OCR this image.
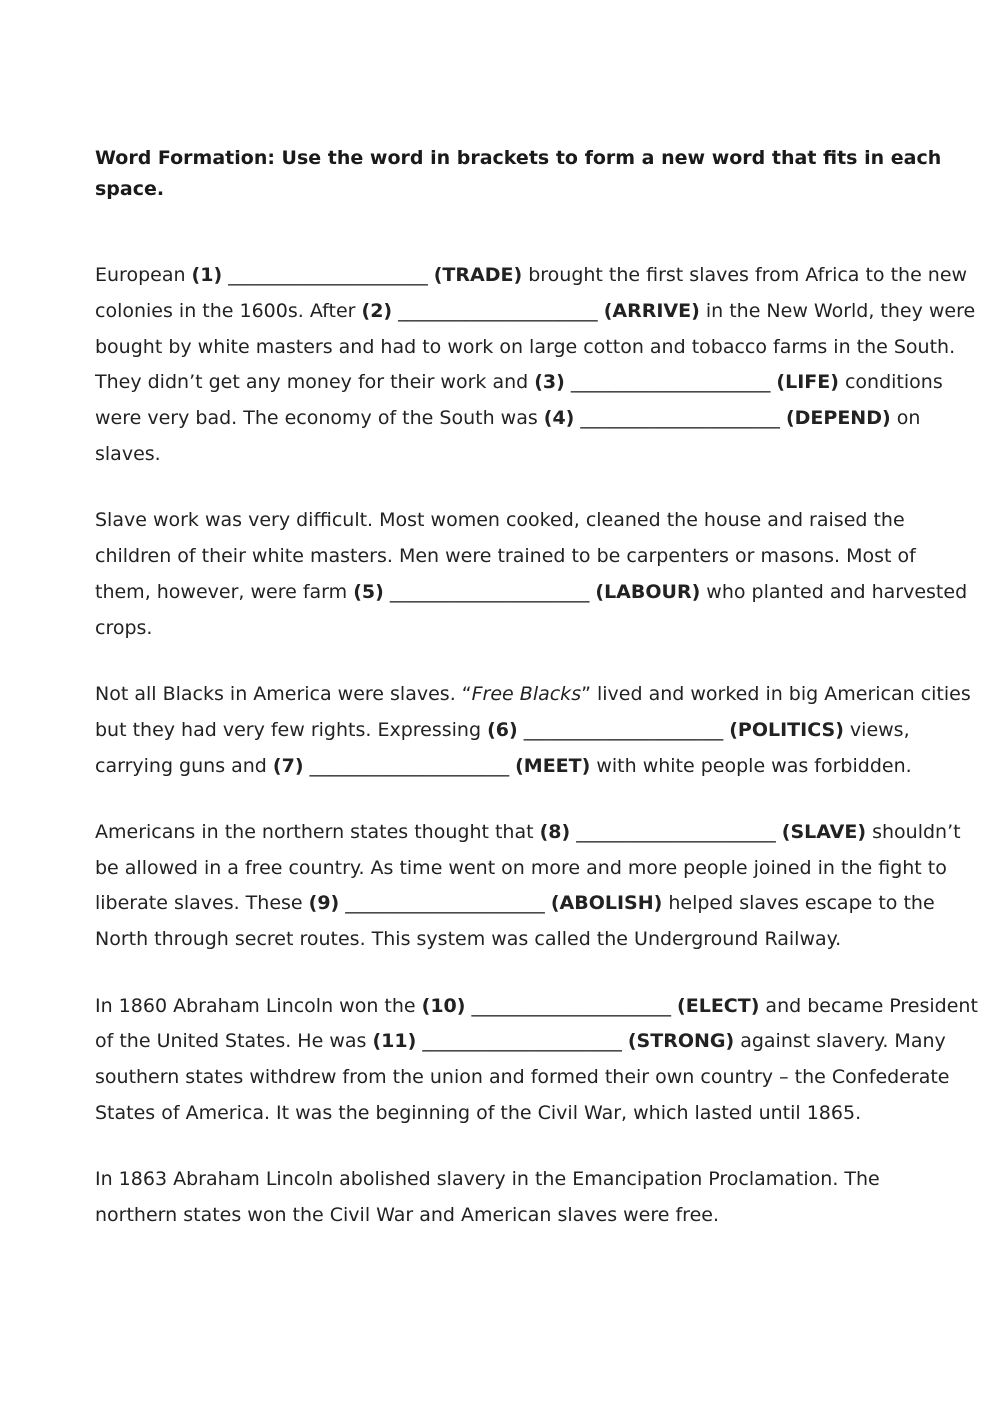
Word Formation: Use the word in brackets to form a new word that fits in each
space.
European (1) _____________________ (TRADE) brought the first slaves from Africa to the new
colonies in the 1600s. After (2) _____________________ (ARRIVE) in the New World, they were
bought by white masters and had to work on large cotton and tobacco farms in the South.
They didn’t get any money for their work and (3) _____________________ (LIFE) conditions
were very bad. The economy of the South was (4) _____________________ (DEPEND) on
slaves.
Slave work was very difficult. Most women cooked, cleaned the house and raised the
children of their white masters. Men were trained to be carpenters or masons. Most of
them, however, were farm (5) _____________________ (LABOUR) who planted and harvested
crops.
Not all Blacks in America were slaves. “Free Blacks” lived and worked in big American cities
but they had very few rights. Expressing (6) _____________________ (POLITICS) views,
carrying guns and (7) _____________________ (MEET) with white people was forbidden.
Americans in the northern states thought that (8) _____________________ (SLAVE) shouldn’t
be allowed in a free country. As time went on more and more people joined in the fight to
liberate slaves. These (9) _____________________ (ABOLISH) helped slaves escape to the
North through secret routes. This system was called the Underground Railway.
In 1860 Abraham Lincoln won the (10) _____________________ (ELECT) and became President
of the United States. He was (11) _____________________ (STRONG) against slavery. Many
southern states withdrew from the union and formed their own country – the Confederate
States of America. It was the beginning of the Civil War, which lasted until 1865.
In 1863 Abraham Lincoln abolished slavery in the Emancipation Proclamation. The
northern states won the Civil War and American slaves were free.
